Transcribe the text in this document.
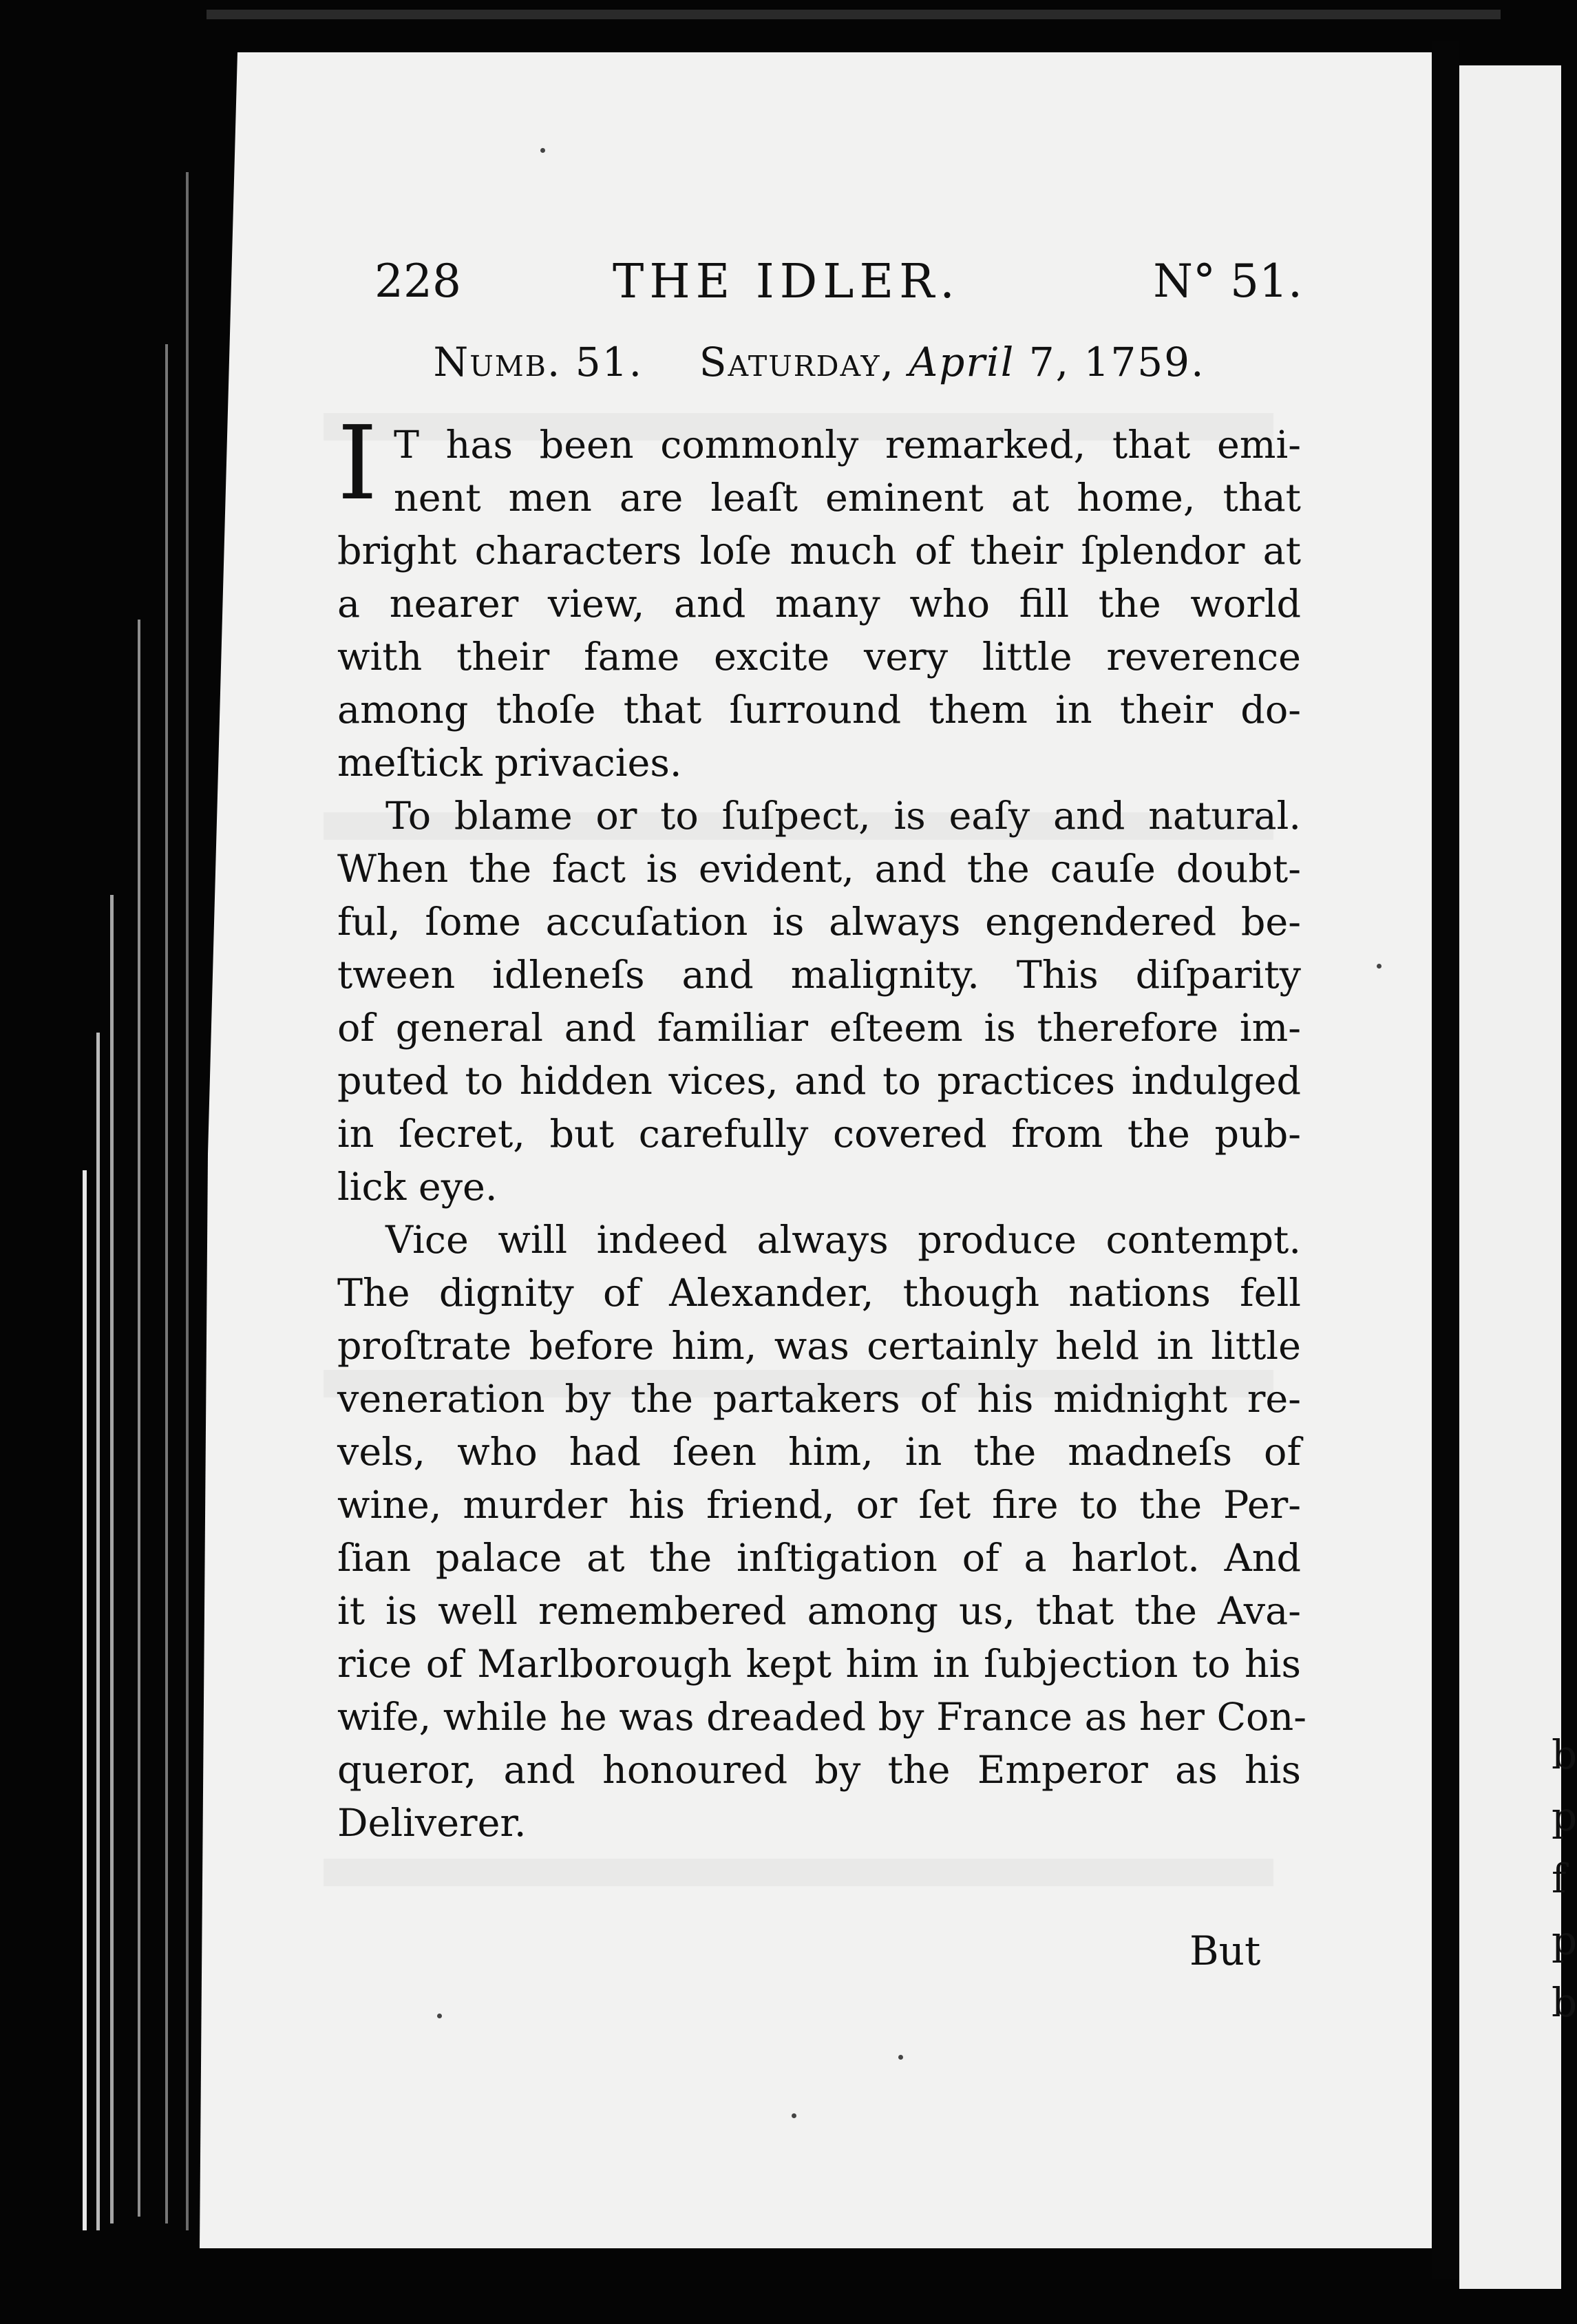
b
p
f
p
b
228	THE IDLER.	N° 51.
Numb. 51. Saturday, April 7, 1759.
I T has been commonly remarked, that emi-
nent men are leaſt eminent at home, that
bright characters loſe much of their ſplendor at
a nearer view, and many who fill the world
with their fame excite very little reverence
among thoſe that ſurround them in their do-
meſtick privacies.
To blame or to ſuſpect, is eaſy and natural.
When the fact is evident, and the cauſe doubt-
ful, ſome accuſation is always engendered be-
tween idleneſs and malignity. This diſparity
of general and familiar eſteem is therefore im-
puted to hidden vices, and to practices indulged
in ſecret, but carefully covered from the pub-
lick eye.
Vice will indeed always produce contempt.
The dignity of Alexander, though nations fell
proſtrate before him, was certainly held in little
veneration by the partakers of his midnight re-
vels, who had ſeen him, in the madneſs of
wine, murder his friend, or ſet fire to the Per-
ſian palace at the inſtigation of a harlot. And
it is well remembered among us, that the Ava-
rice of Marlborough kept him in ſubjection to his
wife, while he was dreaded by France as her Con-
queror, and honoured by the Emperor as his
Deliverer.
But
